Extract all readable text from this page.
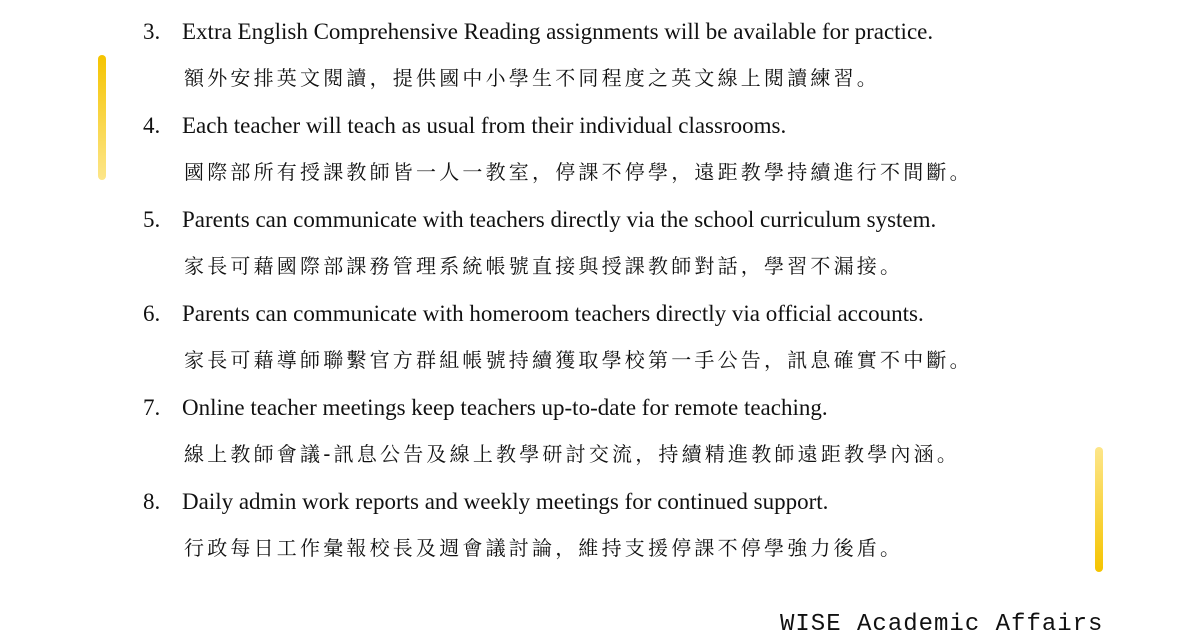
3. Extra English Comprehensive Reading assignments will be available for practice.
額外安排英文閱讀，提供國中小學生不同程度之英文線上閱讀練習。
4. Each teacher will teach as usual from their individual classrooms.
國際部所有授課教師皆一人一教室，停課不停學，遠距教學持續進行不間斷。
5. Parents can communicate with teachers directly via the school curriculum system.
家長可藉國際部課務管理系統帳號直接與授課教師對話，學習不漏接。
6. Parents can communicate with homeroom teachers directly via official accounts.
家長可藉導師聯繫官方群組帳號持續獲取學校第一手公告，訊息確實不中斷。
7. Online teacher meetings keep teachers up-to-date for remote teaching.
線上教師會議-訊息公告及線上教學研討交流，持續精進教師遠距教學內涵。
8. Daily admin work reports and weekly meetings for continued support.
行政每日工作彙報校長及週會議討論，維持支援停課不停學強力後盾。
WISE Academic Affairs
